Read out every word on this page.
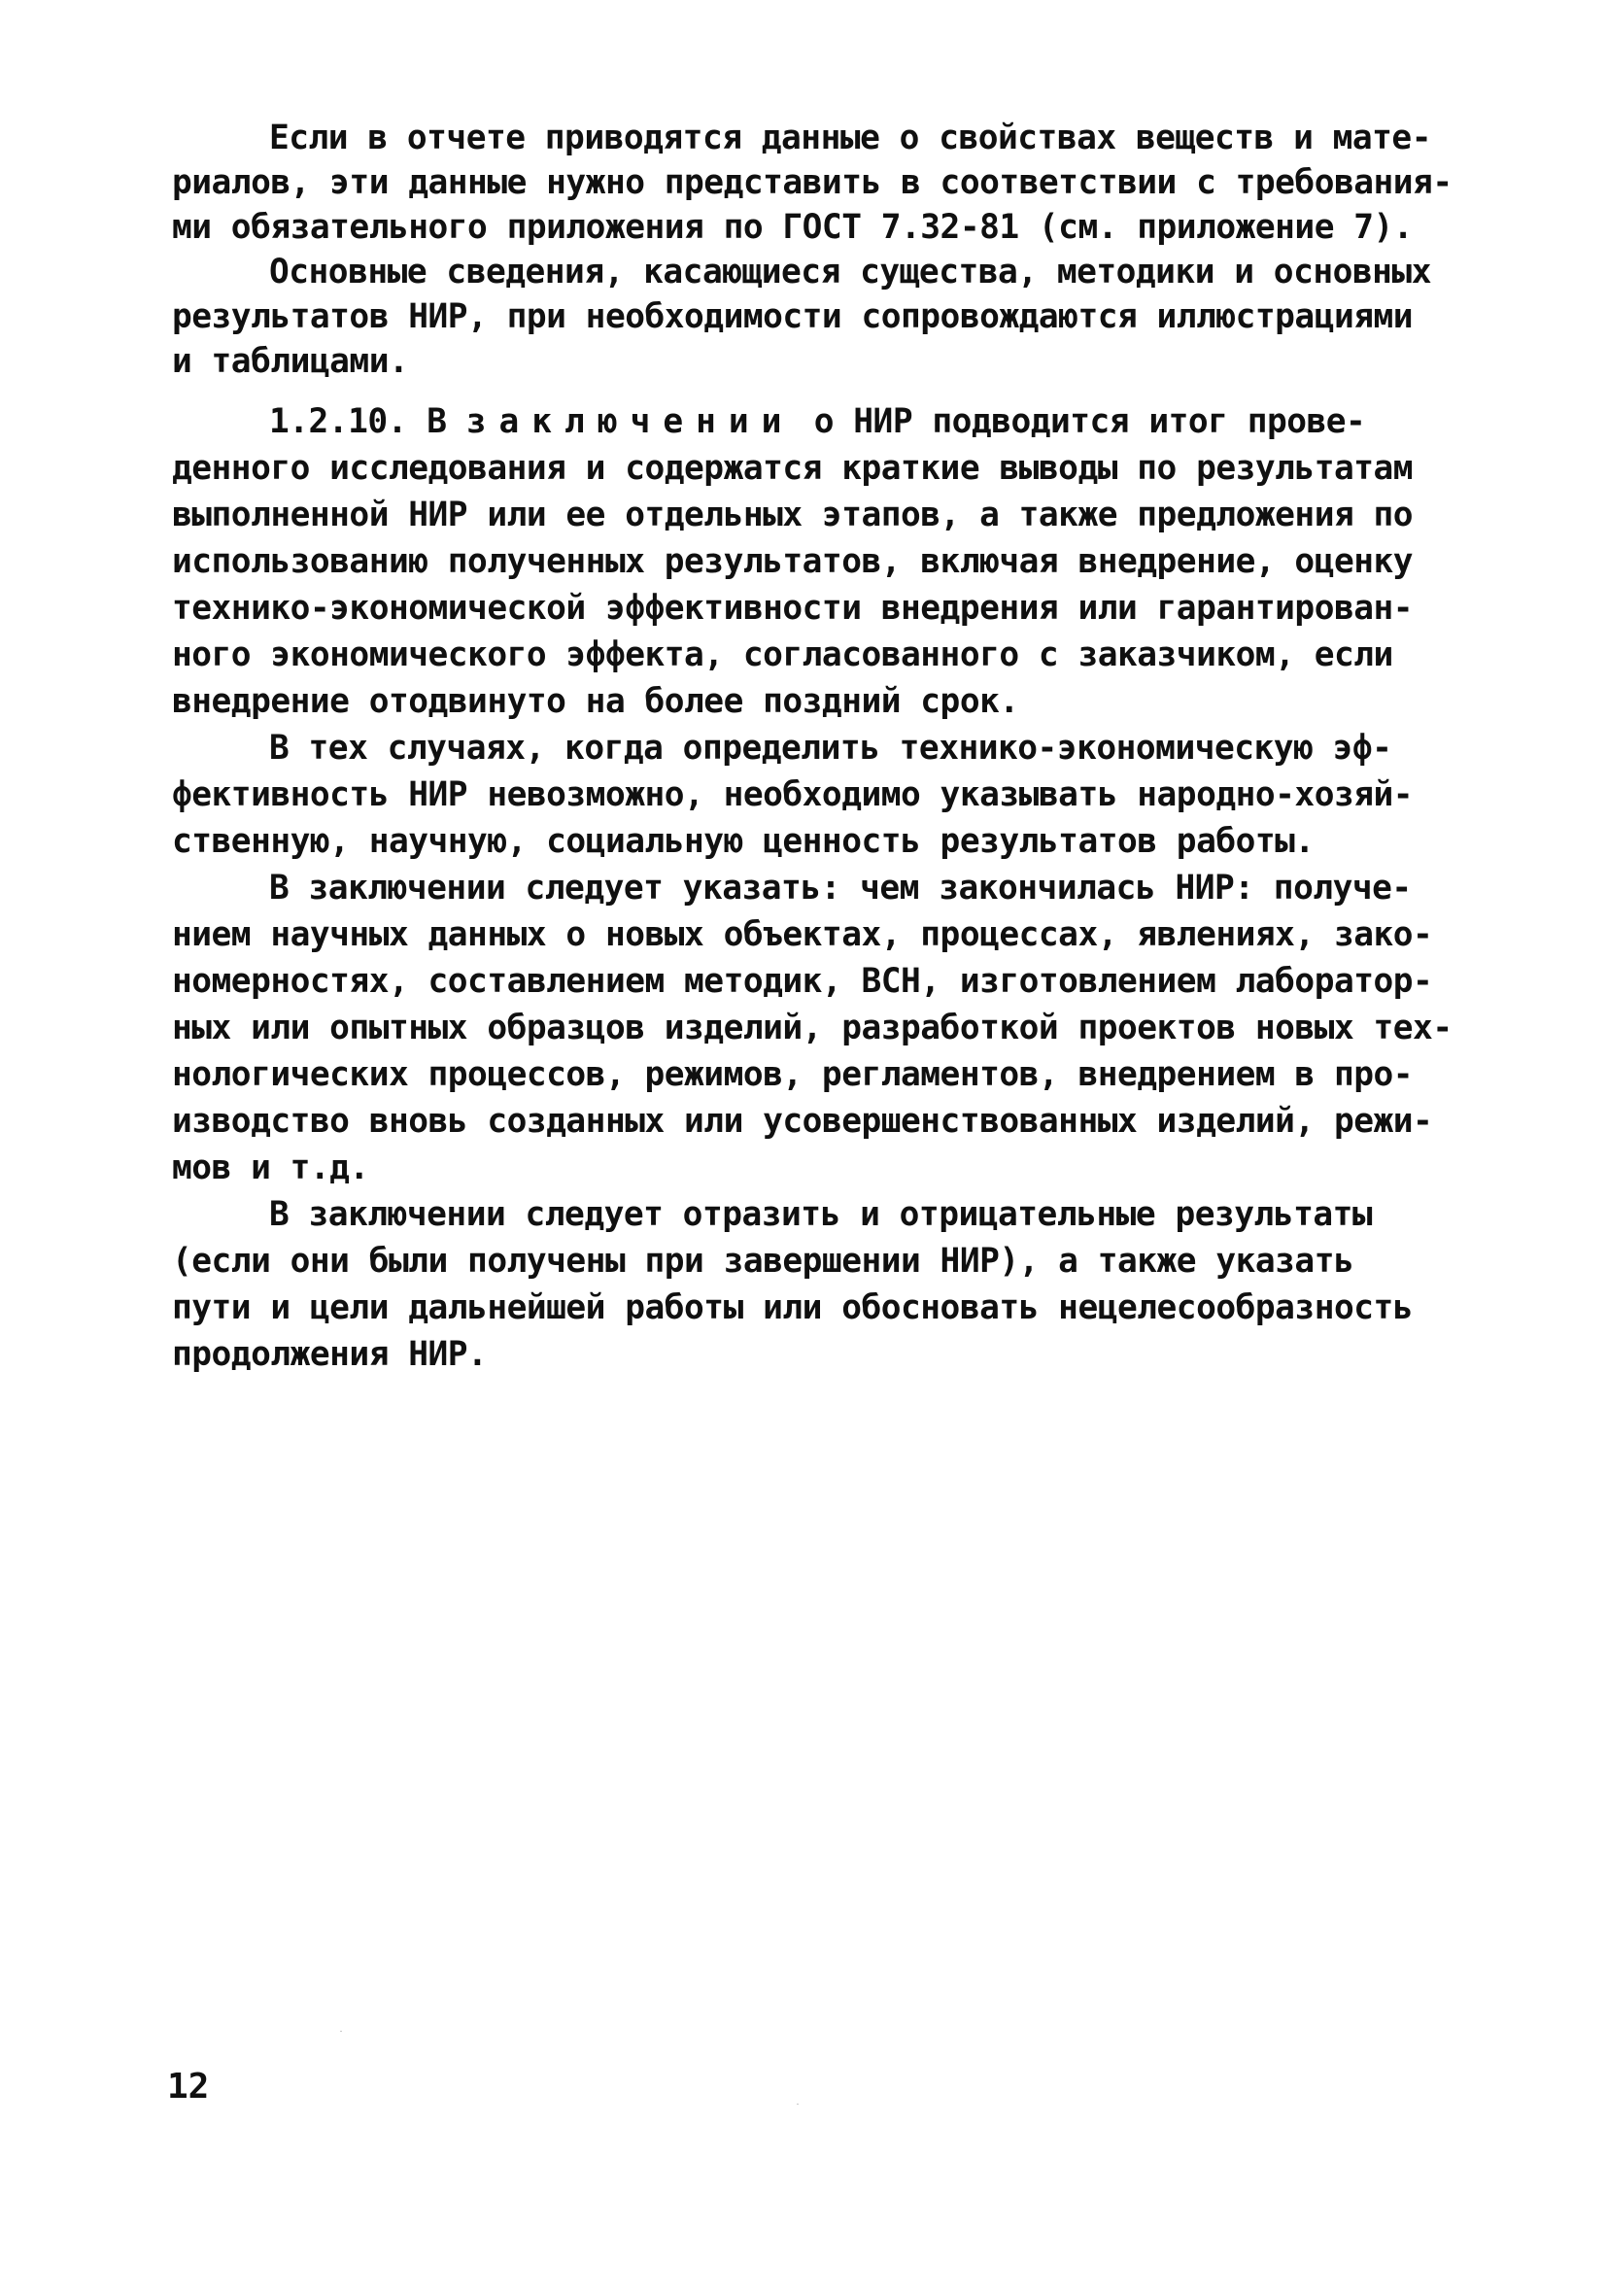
Если в отчете приводятся данные о свойствах веществ и мате-

риалов, эти данные нужно представить в соответствии с требования-

ми обязательного приложения по ГОСТ 7.32-81 (см. приложение 7).

Основные сведения, касающиеся существа, методики и основных

результатов НИР, при необходимости сопровождаются иллюстрациями

и таблицами.

1.2.10. В заключении о НИР подводится итог прове-

денного исследования и содержатся краткие выводы по результатам

выполненной НИР или ее отдельных этапов, а также предложения по

использованию полученных результатов, включая внедрение, оценку

технико-экономической эффективности внедрения или гарантирован-

ного экономического эффекта, согласованного с заказчиком, если

внедрение отодвинуто на более поздний срок.

В тех случаях, когда определить технико-экономическую эф-

фективность НИР невозможно, необходимо указывать народно-хозяй-

ственную, научную, социальную ценность результатов работы.

В заключении следует указать: чем закончилась НИР: получе-

нием научных данных о новых объектах, процессах, явлениях, зако-

номерностях, составлением методик, ВСН, изготовлением лаборатор-

ных или опытных образцов изделий, разработкой проектов новых тех-

нологических процессов, режимов, регламентов, внедрением в про-

изводство вновь созданных или усовершенствованных изделий, режи-

мов и т.д.

В заключении следует отразить и отрицательные результаты

(если они были получены при завершении НИР), а также указать

пути и цели дальнейшей работы или обосновать нецелесообразность

продолжения НИР.

12
